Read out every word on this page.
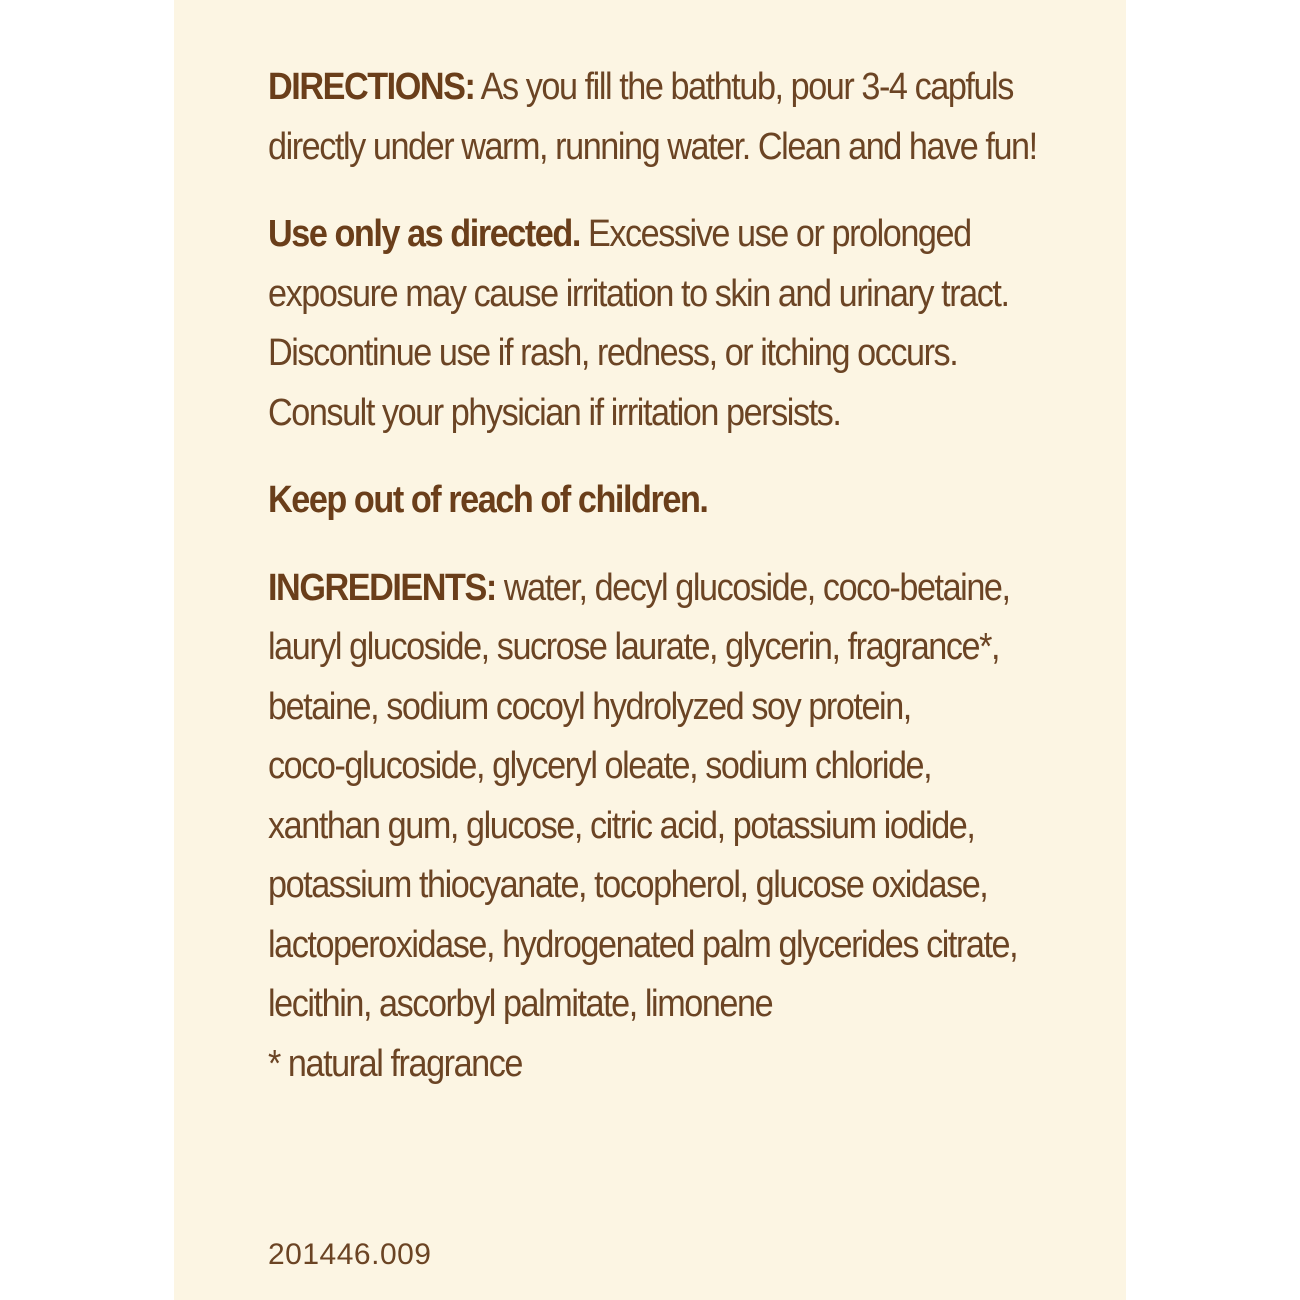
DIRECTIONS: As you fill the bathtub, pour 3-4 capfuls
directly under warm, running water. Clean and have fun!

Use only as directed. Excessive use or prolonged
exposure may cause irritation to skin and urinary tract.
Discontinue use if rash, redness, or itching occurs.
Consult your physician if irritation persists.

Keep out of reach of children.

INGREDIENTS: water, decyl glucoside, coco-betaine,
lauryl glucoside, sucrose laurate, glycerin, fragrance*,
betaine, sodium cocoyl hydrolyzed soy protein,
coco-glucoside, glyceryl oleate, sodium chloride,
xanthan gum, glucose, citric acid, potassium iodide,
potassium thiocyanate, tocopherol, glucose oxidase,
lactoperoxidase, hydrogenated palm glycerides citrate,
lecithin, ascorbyl palmitate, limonene

* natural fragrance

201446.009
